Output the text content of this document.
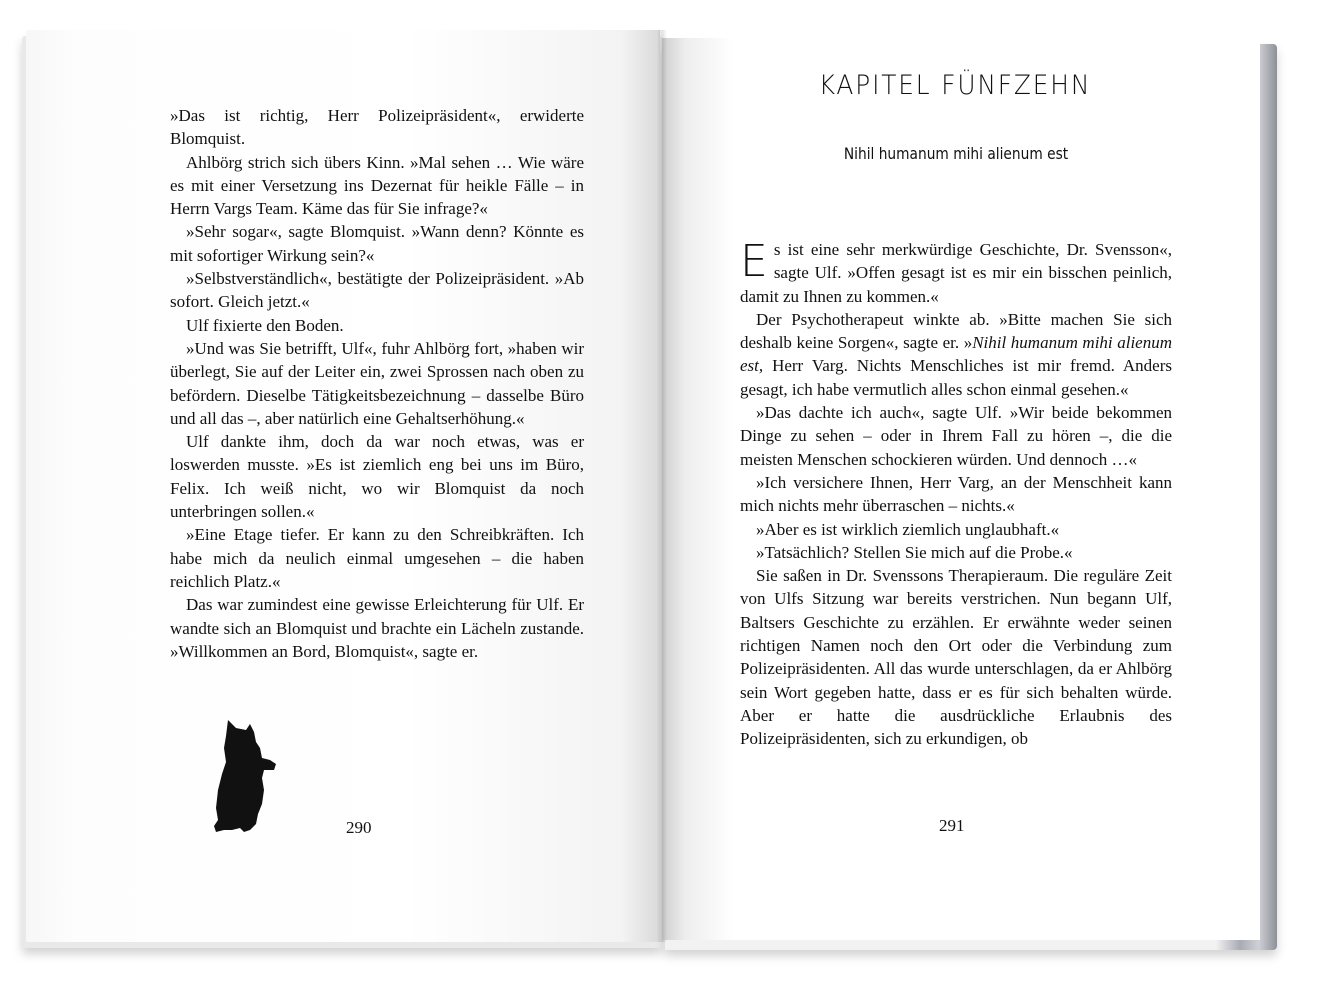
»Das ist richtig, Herr Polizeipräsident«, erwiderte Blomquist.

Ahlbörg strich sich übers Kinn. »Mal sehen … Wie wäre es mit einer Versetzung ins Dezernat für heikle Fälle – in Herrn Vargs Team. Käme das für Sie infrage?«

»Sehr sogar«, sagte Blomquist. »Wann denn? Könnte es mit sofortiger Wirkung sein?«

»Selbstverständlich«, bestätigte der Polizeipräsident. »Ab sofort. Gleich jetzt.«

Ulf fixierte den Boden.

»Und was Sie betrifft, Ulf«, fuhr Ahlbörg fort, »haben wir überlegt, Sie auf der Leiter ein, zwei Sprossen nach oben zu befördern. Dieselbe Tätigkeitsbezeichnung – dasselbe Büro und all das –, aber natürlich eine Gehaltserhöhung.«

Ulf dankte ihm, doch da war noch etwas, was er loswerden musste. »Es ist ziemlich eng bei uns im Büro, Felix. Ich weiß nicht, wo wir Blomquist da noch unterbringen sollen.«

»Eine Etage tiefer. Er kann zu den Schreibkräften. Ich habe mich da neulich einmal umgesehen – die haben reichlich Platz.«

Das war zumindest eine gewisse Erleichterung für Ulf. Er wandte sich an Blomquist und brachte ein Lächeln zustande. »Willkommen an Bord, Blomquist«, sagte er.

290
KAPITEL FÜNFZEHN
Nihil humanum mihi alienum est

Es ist eine sehr merkwürdige Geschichte, Dr. Svensson«, sagte Ulf. »Offen gesagt ist es mir ein bisschen peinlich, damit zu Ihnen zu kommen.«

Der Psychotherapeut winkte ab. »Bitte machen Sie sich deshalb keine Sorgen«, sagte er. »Nihil humanum mihi alienum est, Herr Varg. Nichts Menschliches ist mir fremd. Anders gesagt, ich habe vermutlich alles schon einmal gesehen.«

»Das dachte ich auch«, sagte Ulf. »Wir beide bekommen Dinge zu sehen – oder in Ihrem Fall zu hören –, die die meisten Menschen schockieren würden. Und dennoch …«

»Ich versichere Ihnen, Herr Varg, an der Menschheit kann mich nichts mehr überraschen – nichts.«

»Aber es ist wirklich ziemlich unglaubhaft.«

»Tatsächlich? Stellen Sie mich auf die Probe.«

Sie saßen in Dr. Svenssons Therapieraum. Die reguläre Zeit von Ulfs Sitzung war bereits verstrichen. Nun begann Ulf, Baltsers Geschichte zu erzählen. Er erwähnte weder seinen richtigen Namen noch den Ort oder die Verbindung zum Polizeipräsidenten. All das wurde unterschlagen, da er Ahlbörg sein Wort gegeben hatte, dass er es für sich behalten würde. Aber er hatte die ausdrückliche Erlaubnis des Polizeipräsidenten, sich zu erkundigen, ob

291
